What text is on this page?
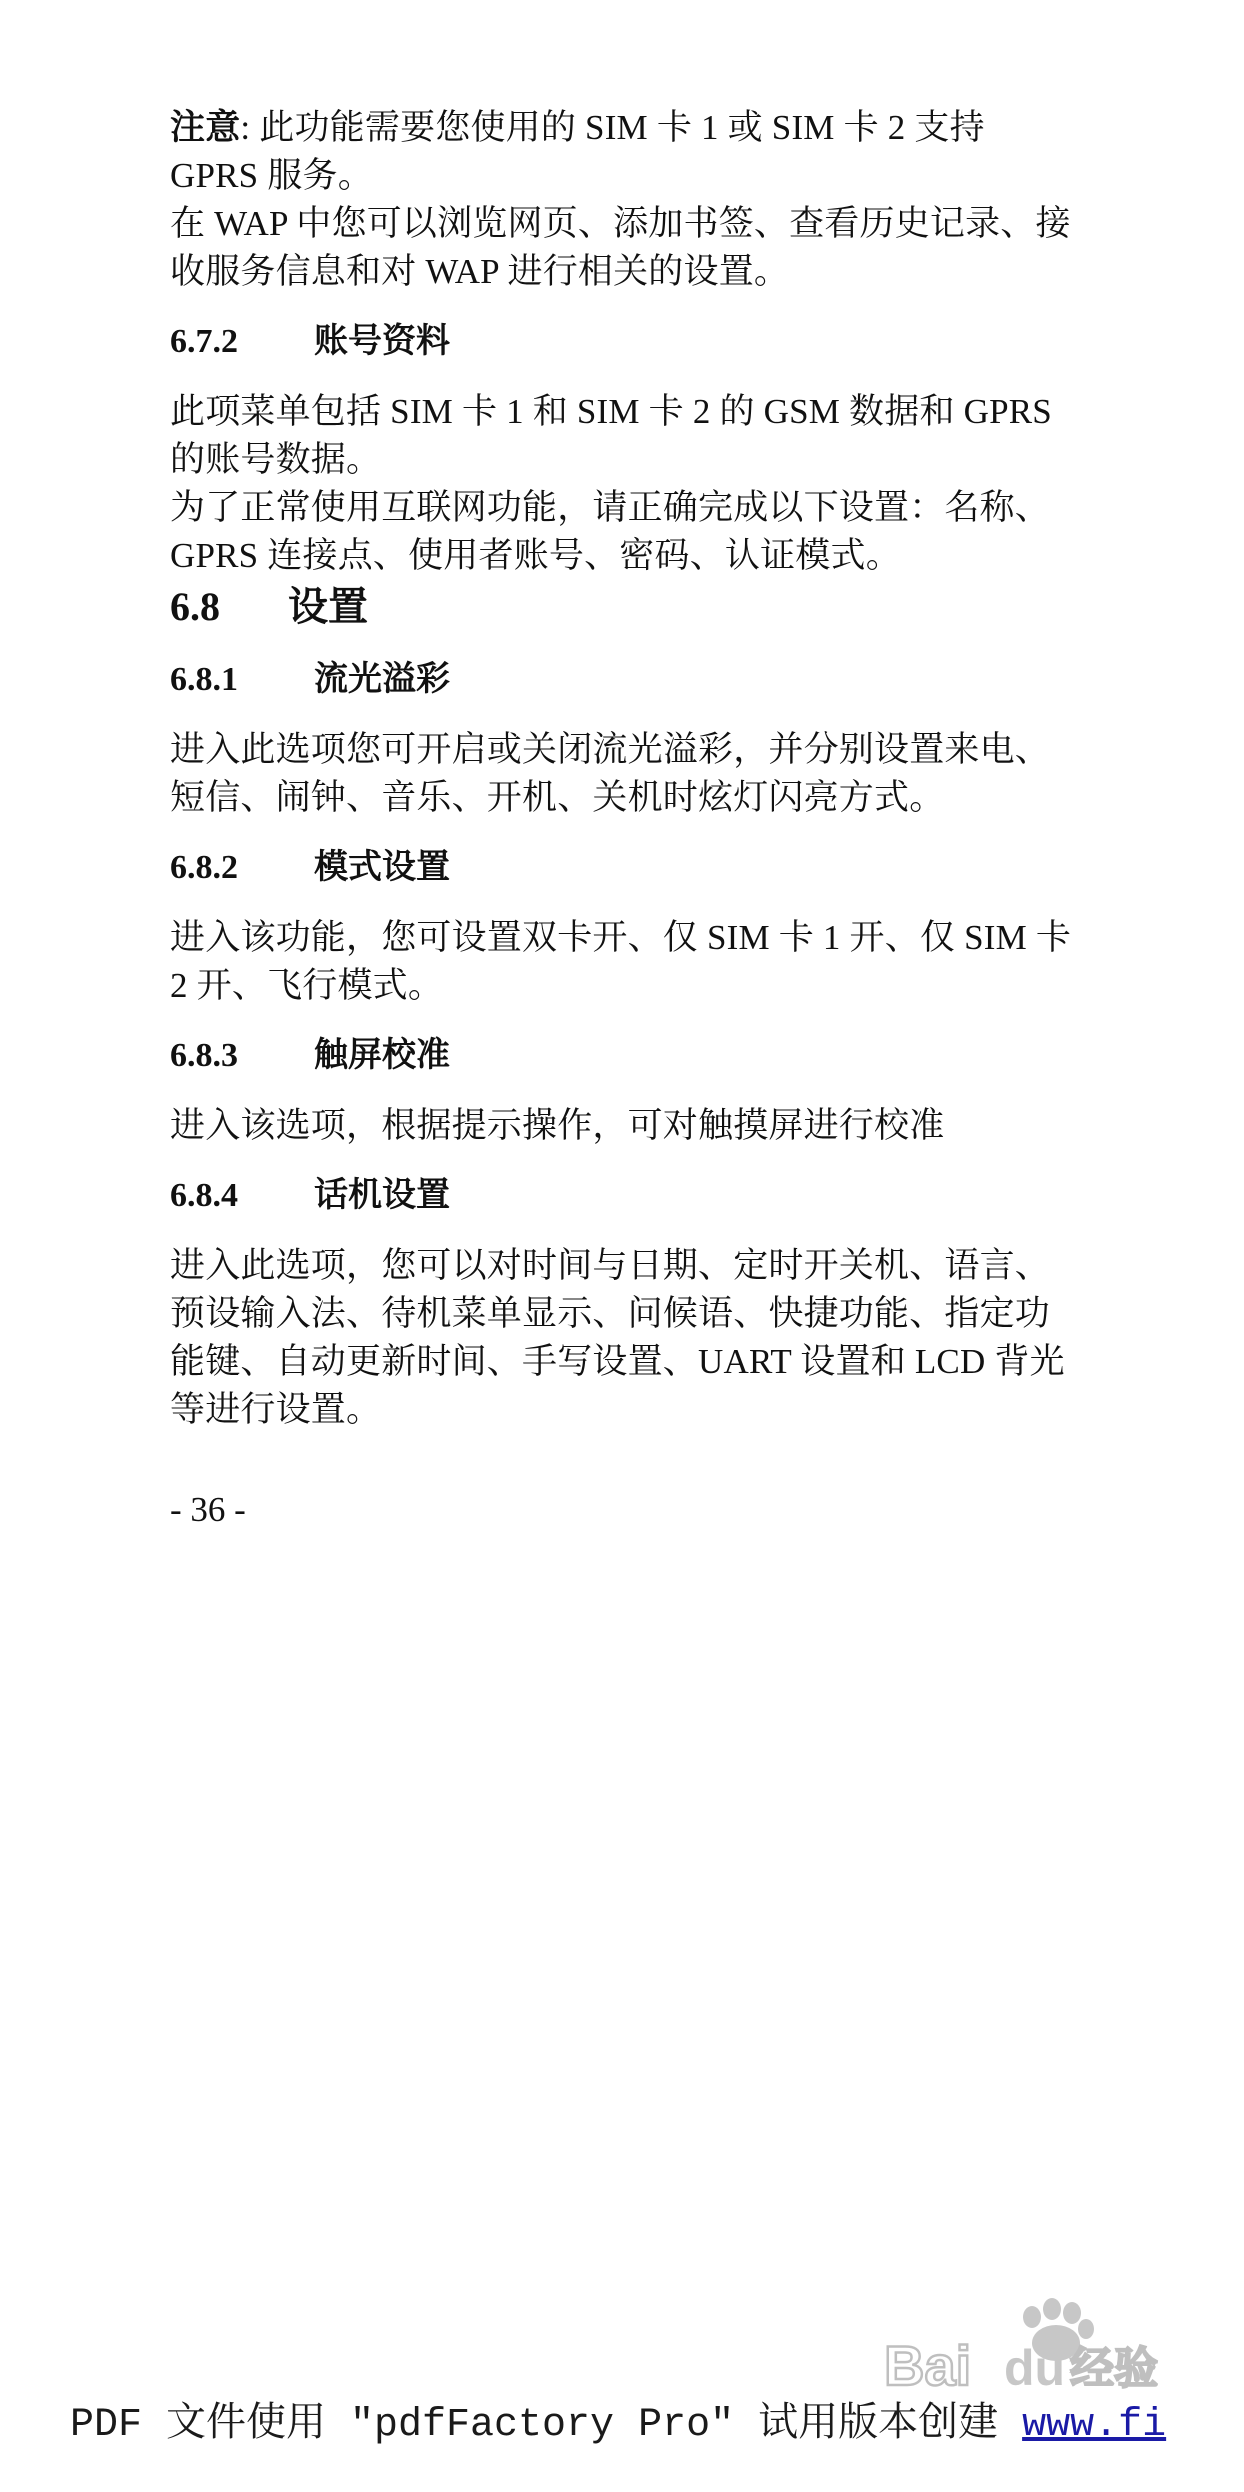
注意: 此功能需要您使用的 SIM 卡 1 或 SIM 卡 2 支持 GPRS 服务。

在 WAP 中您可以浏览网页、添加书签、查看历史记录、接收服务信息和对 WAP 进行相关的设置。

6.7.2	账号资料

此项菜单包括 SIM 卡 1 和 SIM 卡 2 的 GSM 数据和 GPRS 的账号数据。

为了正常使用互联网功能，请正确完成以下设置：名称、GPRS 连接点、使用者账号、密码、认证模式。

6.8	设置
6.8.1	流光溢彩

进入此选项您可开启或关闭流光溢彩，并分别设置来电、短信、闹钟、音乐、开机、关机时炫灯闪亮方式。

6.8.2	模式设置

进入该功能，您可设置双卡开、仅 SIM 卡 1 开、仅 SIM 卡 2 开、飞行模式。

6.8.3	触屏校准

进入该选项，根据提示操作，可对触摸屏进行校准

6.8.4	话机设置

进入此选项，您可以对时间与日期、定时开关机、语言、预设输入法、待机菜单显示、问候语、快捷功能、指定功能键、自动更新时间、手写设置、UART 设置和 LCD 背光等进行设置。

- 36 -

Bai du 经验
PDF 文件使用 "pdfFactory Pro" 试用版本创建 www.fi
